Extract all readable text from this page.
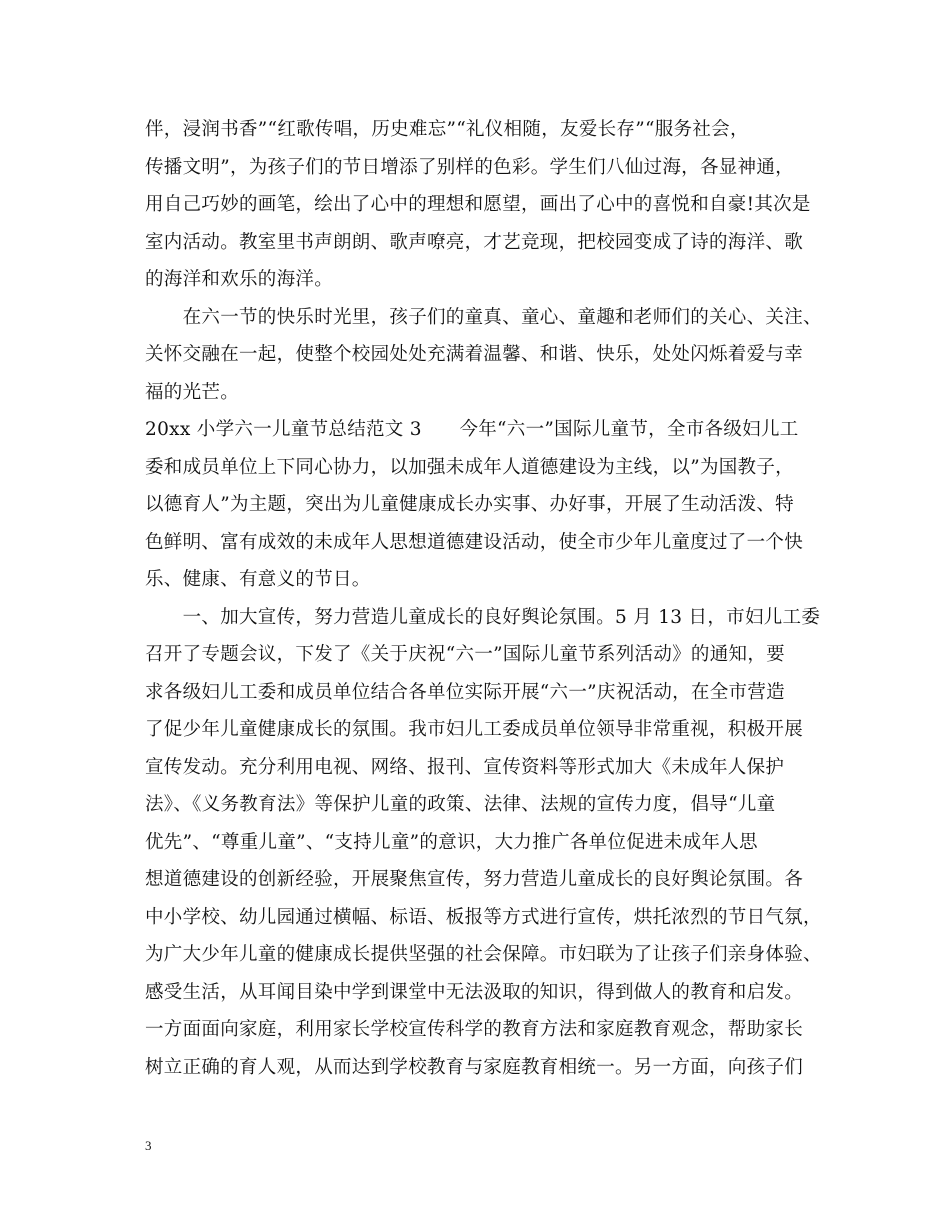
伴，浸润书香”“红歌传唱，历史难忘”“礼仪相随，友爱长存”“服务社会，
传播文明”，为孩子们的节日增添了别样的色彩。学生们八仙过海，各显神通，
用自己巧妙的画笔，绘出了心中的理想和愿望，画出了心中的喜悦和自豪!其次是
室内活动。教室里书声朗朗、歌声嘹亮，才艺竞现，把校园变成了诗的海洋、歌
的海洋和欢乐的海洋。
　　在六一节的快乐时光里，孩子们的童真、童心、童趣和老师们的关心、关注、
关怀交融在一起，使整个校园处处充满着温馨、和谐、快乐，处处闪烁着爱与幸
福的光芒。
20xx 小学六一儿童节总结范文 3　　今年“六一”国际儿童节，全市各级妇儿工
委和成员单位上下同心协力，以加强未成年人道德建设为主线，以”为国教子，
以德育人”为主题，突出为儿童健康成长办实事、办好事，开展了生动活泼、特
色鲜明、富有成效的未成年人思想道德建设活动，使全市少年儿童度过了一个快
乐、健康、有意义的节日。
　　一、加大宣传，努力营造儿童成长的良好舆论氛围。5 月 13 日，市妇儿工委
召开了专题会议，下发了《关于庆祝“六一”国际儿童节系列活动》的通知，要
求各级妇儿工委和成员单位结合各单位实际开展“六一”庆祝活动，在全市营造
了促少年儿童健康成长的氛围。我市妇儿工委成员单位领导非常重视，积极开展
宣传发动。充分利用电视、网络、报刊、宣传资料等形式加大《未成年人保护
法》、《义务教育法》等保护儿童的政策、法律、法规的宣传力度，倡导“儿童
优先”、“尊重儿童”、“支持儿童”的意识，大力推广各单位促进未成年人思
想道德建设的创新经验，开展聚焦宣传，努力营造儿童成长的良好舆论氛围。各
中小学校、幼儿园通过横幅、标语、板报等方式进行宣传，烘托浓烈的节日气氛，
为广大少年儿童的健康成长提供坚强的社会保障。市妇联为了让孩子们亲身体验、
感受生活，从耳闻目染中学到课堂中无法汲取的知识，得到做人的教育和启发。
一方面面向家庭，利用家长学校宣传科学的教育方法和家庭教育观念，帮助家长
树立正确的育人观，从而达到学校教育与家庭教育相统一。另一方面，向孩子们
3
